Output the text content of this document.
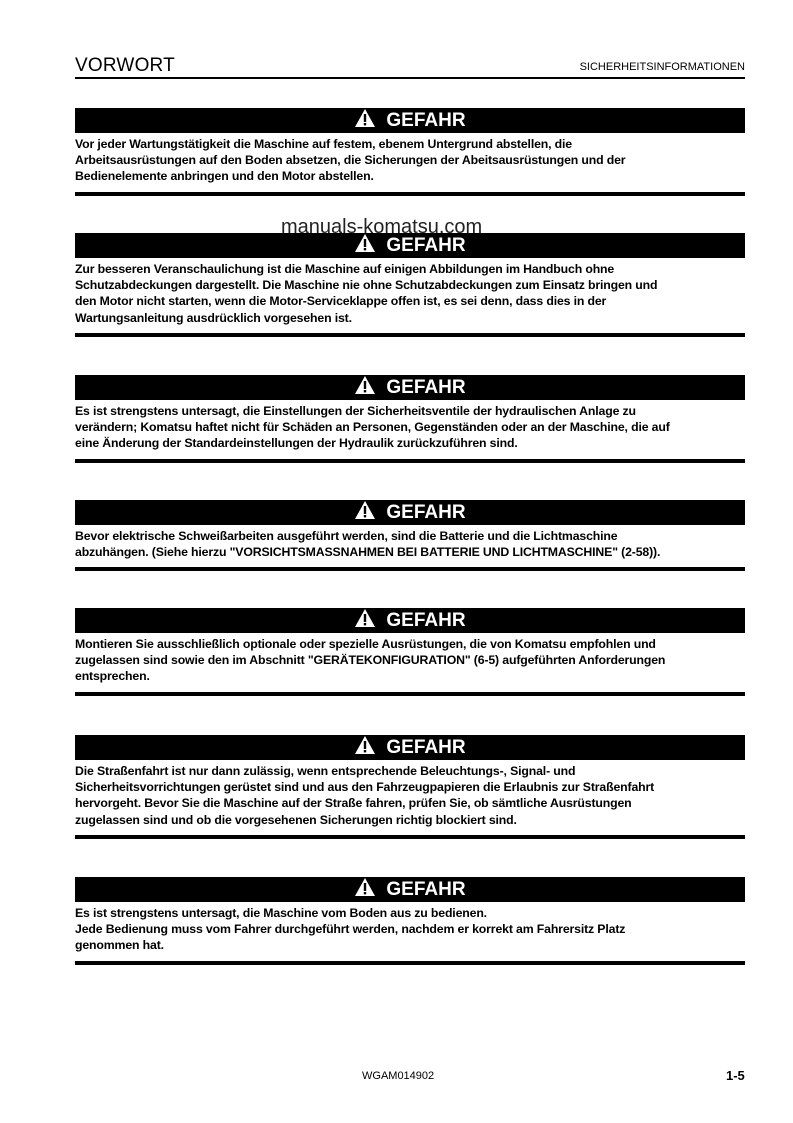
VORWORT	SICHERHEITSINFORMATIONEN
GEFAHR
Vor jeder Wartungstätigkeit die Maschine auf festem, ebenem Untergrund abstellen, die
Arbeitsausrüstungen auf den Boden absetzen, die Sicherungen der Abeitsausrüstungen und der
Bedienelemente anbringen und den Motor abstellen.
GEFAHR
Zur besseren Veranschaulichung ist die Maschine auf einigen Abbildungen im Handbuch ohne
Schutzabdeckungen dargestellt. Die Maschine nie ohne Schutzabdeckungen zum Einsatz bringen und
den Motor nicht starten, wenn die Motor-Serviceklappe offen ist, es sei denn, dass dies in der
Wartungsanleitung ausdrücklich vorgesehen ist.
GEFAHR
Es ist strengstens untersagt, die Einstellungen der Sicherheitsventile der hydraulischen Anlage zu
verändern; Komatsu haftet nicht für Schäden an Personen, Gegenständen oder an der Maschine, die auf
eine Änderung der Standardeinstellungen der Hydraulik zurückzuführen sind.
GEFAHR
Bevor elektrische Schweißarbeiten ausgeführt werden, sind die Batterie und die Lichtmaschine
abzuhängen. (Siehe hierzu "VORSICHTSMASSNAHMEN BEI BATTERIE UND LICHTMASCHINE" (2-58)).
GEFAHR
Montieren Sie ausschließlich optionale oder spezielle Ausrüstungen, die von Komatsu empfohlen und
zugelassen sind sowie den im Abschnitt "GERÄTEKONFIGURATION" (6-5) aufgeführten Anforderungen
entsprechen.
GEFAHR
Die Straßenfahrt ist nur dann zulässig, wenn entsprechende Beleuchtungs-, Signal- und
Sicherheitsvorrichtungen gerüstet sind und aus den Fahrzeugpapieren die Erlaubnis zur Straßenfahrt
hervorgeht. Bevor Sie die Maschine auf der Straße fahren, prüfen Sie, ob sämtliche Ausrüstungen
zugelassen sind und ob die vorgesehenen Sicherungen richtig blockiert sind.
GEFAHR
Es ist strengstens untersagt, die Maschine vom Boden aus zu bedienen.
Jede Bedienung muss vom Fahrer durchgeführt werden, nachdem er korrekt am Fahrersitz Platz
genommen hat.
manuals-komatsu.com
WGAM014902	1-5
